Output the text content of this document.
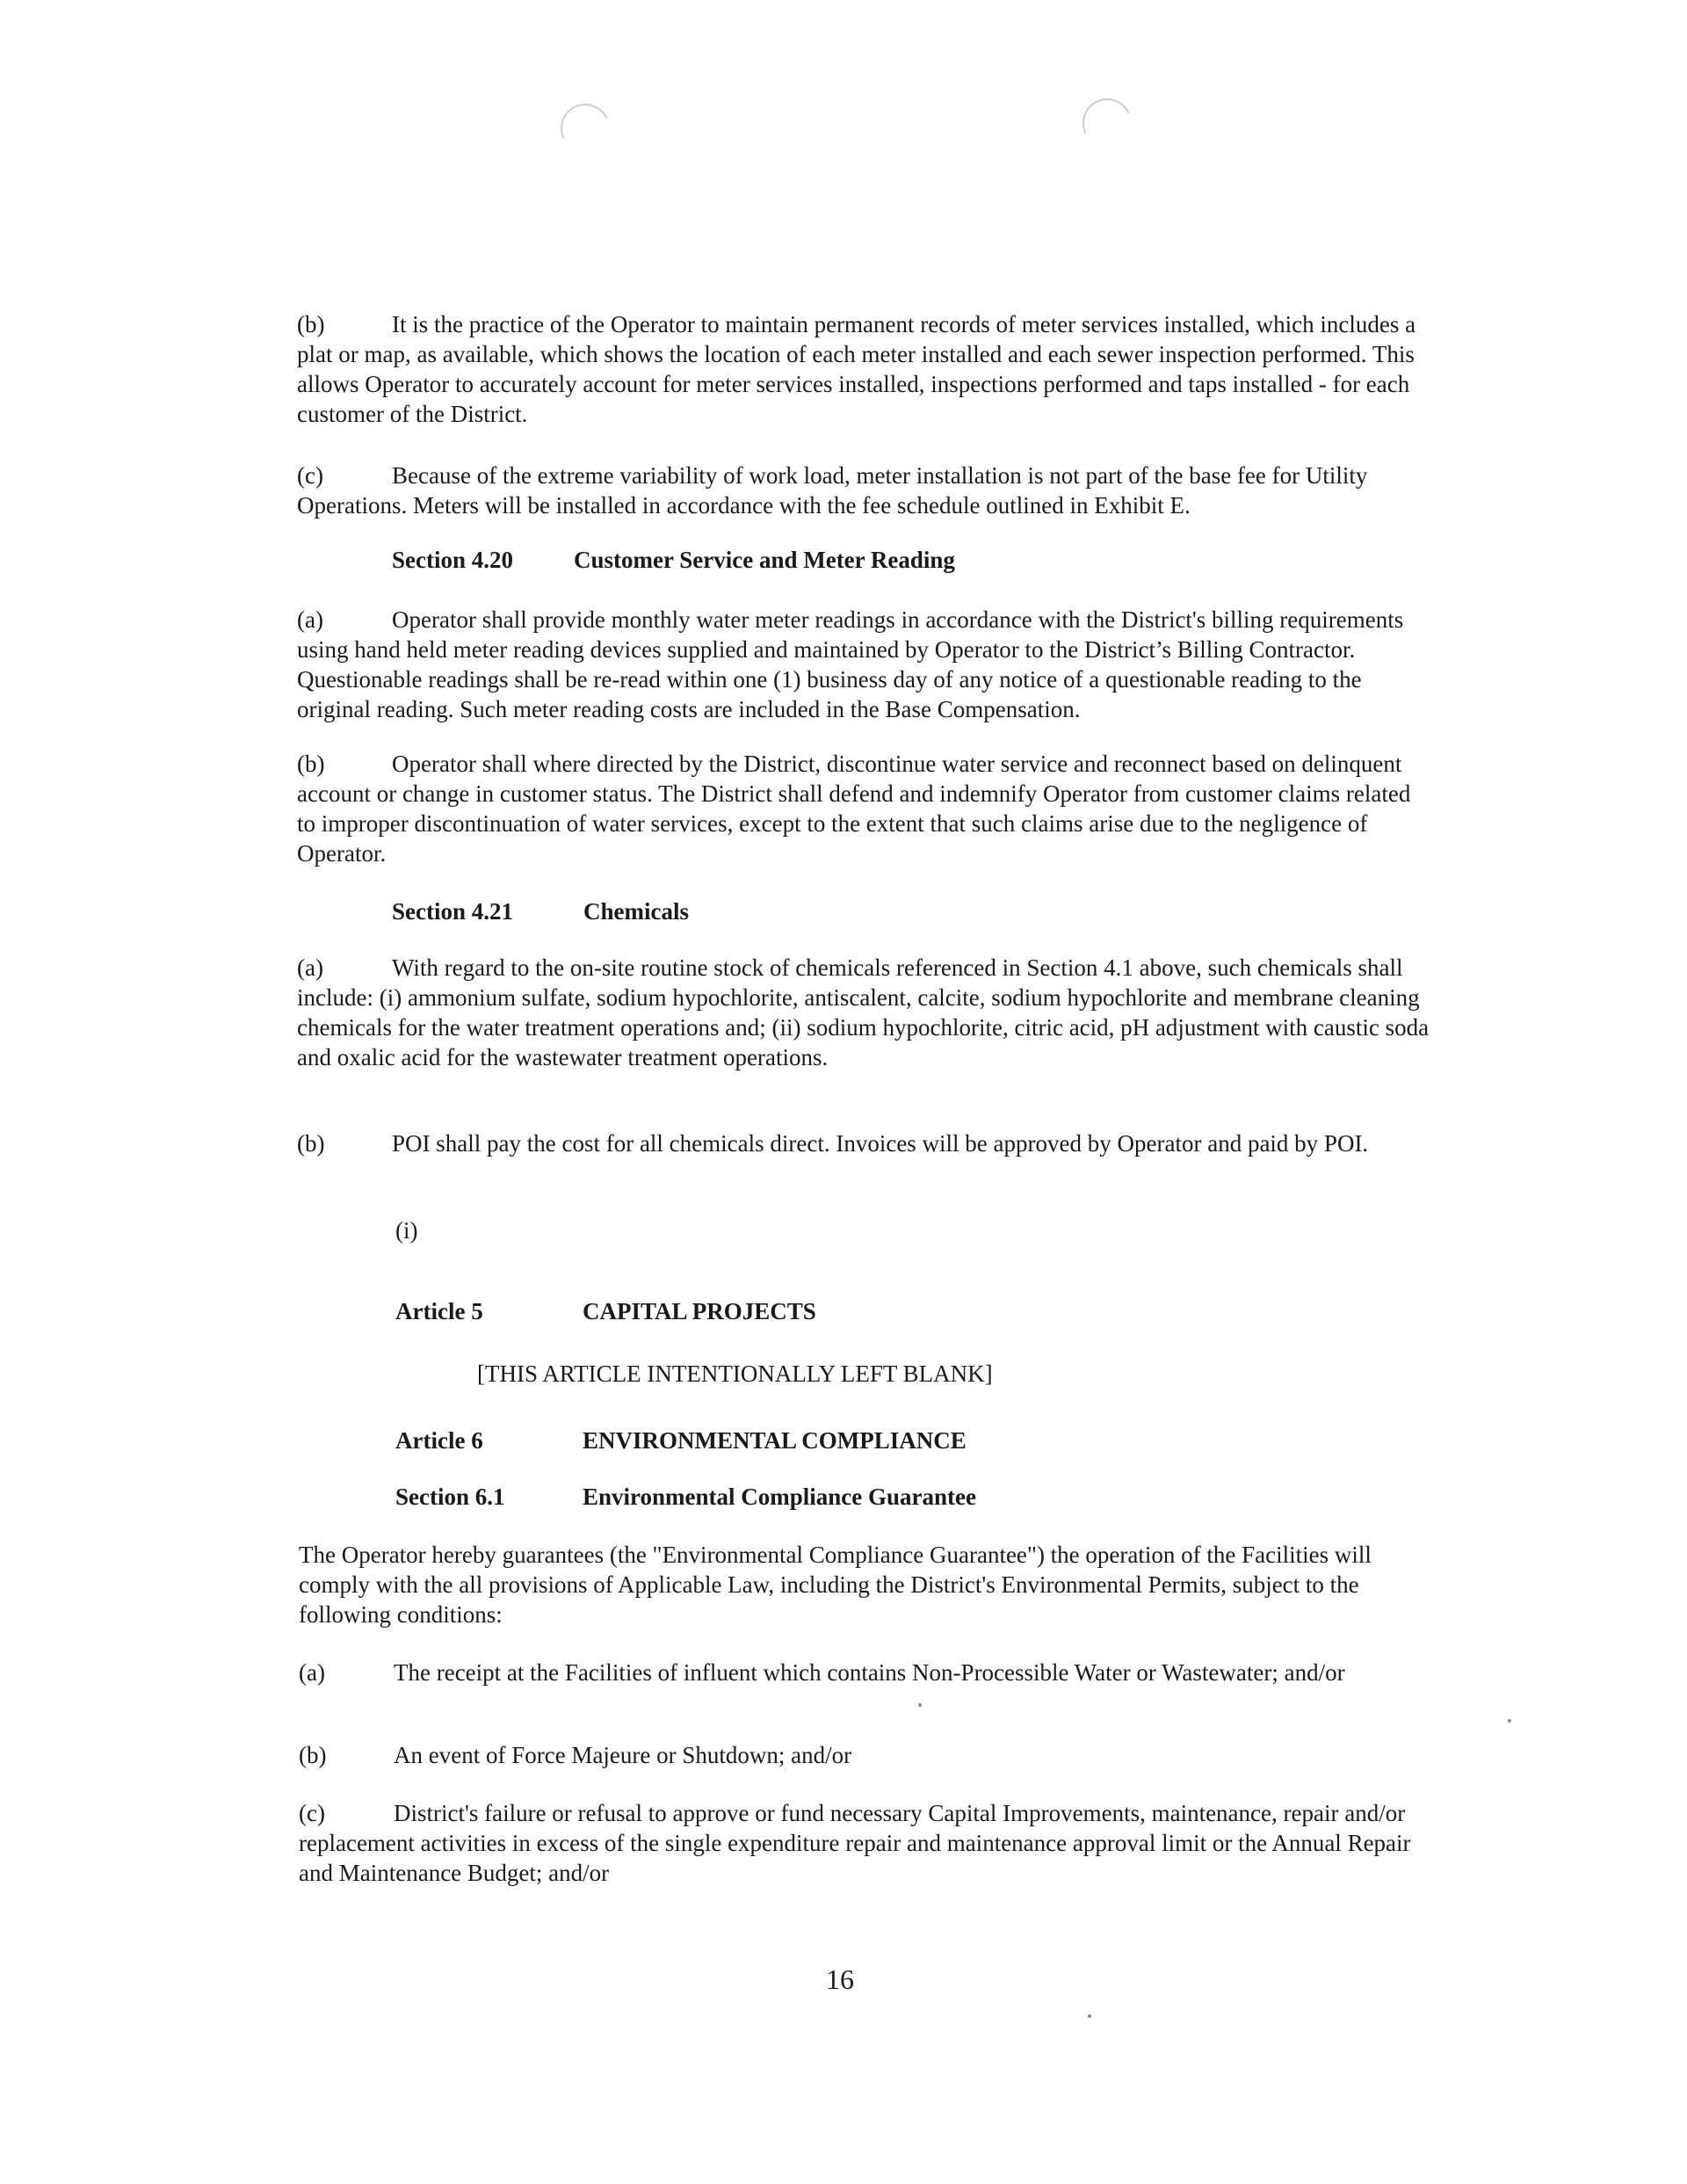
(b)	It is the practice of the Operator to maintain permanent records of meter services installed, which includes a plat or map, as available, which shows the location of each meter installed and each sewer inspection performed. This allows Operator to accurately account for meter services installed, inspections performed and taps installed - for each customer of the District.

(c)	Because of the extreme variability of work load, meter installation is not part of the base fee for Utility Operations. Meters will be installed in accordance with the fee schedule outlined in Exhibit E.

Section 4.20	Customer Service and Meter Reading

(a)	Operator shall provide monthly water meter readings in accordance with the District's billing requirements using hand held meter reading devices supplied and maintained by Operator to the District’s Billing Contractor. Questionable readings shall be re-read within one (1) business day of any notice of a questionable reading to the original reading. Such meter reading costs are included in the Base Compensation.

(b)	Operator shall where directed by the District, discontinue water service and reconnect based on delinquent account or change in customer status. The District shall defend and indemnify Operator from customer claims related to improper discontinuation of water services, except to the extent that such claims arise due to the negligence of Operator.

Section 4.21	Chemicals

(a)	With regard to the on-site routine stock of chemicals referenced in Section 4.1 above, such chemicals shall include: (i) ammonium sulfate, sodium hypochlorite, antiscalent, calcite, sodium hypochlorite and membrane cleaning chemicals for the water treatment operations and; (ii) sodium hypochlorite, citric acid, pH adjustment with caustic soda and oxalic acid for the wastewater treatment operations.

(b)	POI shall pay the cost for all chemicals direct. Invoices will be approved by Operator and paid by POI.

(i)
Article 5	CAPITAL PROJECTS
[THIS ARTICLE INTENTIONALLY LEFT BLANK]
Article 6	ENVIRONMENTAL COMPLIANCE
Section 6.1	Environmental Compliance Guarantee

The Operator hereby guarantees (the "Environmental Compliance Guarantee") the operation of the Facilities will comply with the all provisions of Applicable Law, including the District's Environmental Permits, subject to the following conditions:

(a)	The receipt at the Facilities of influent which contains Non-Processible Water or Wastewater; and/or

(b)	An event of Force Majeure or Shutdown; and/or

(c)	District's failure or refusal to approve or fund necessary Capital Improvements, maintenance, repair and/or replacement activities in excess of the single expenditure repair and maintenance approval limit or the Annual Repair and Maintenance Budget; and/or

16
